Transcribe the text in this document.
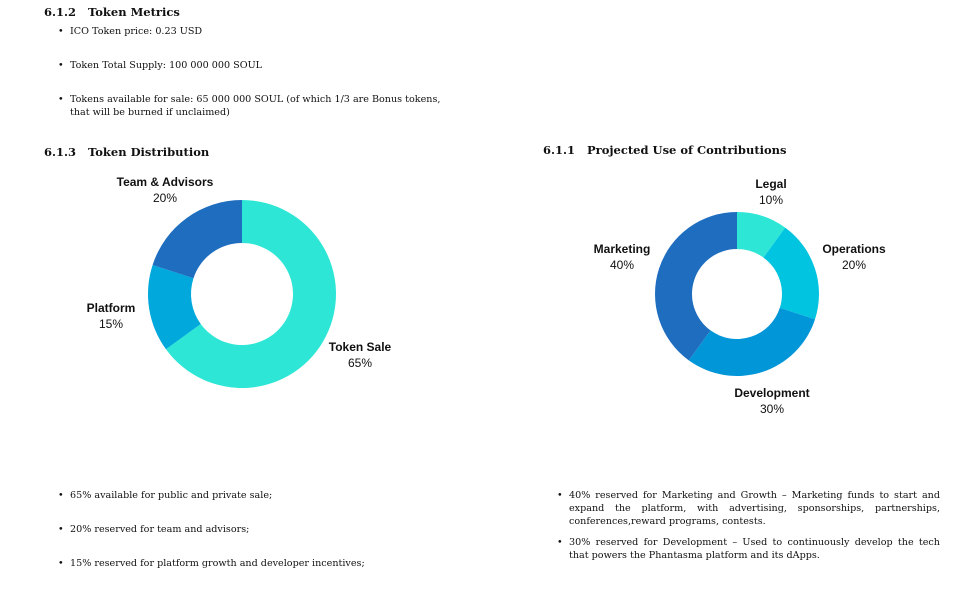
6.1.2 Token Metrics
• ICO Token price: 0.23 USD
• Token Total Supply: 100 000 000 SOUL
• Tokens available for sale: 65 000 000 SOUL (of which 1/3 are Bonus tokens, that will be burned if unclaimed)
6.1.3 Token Distribution	6.1.1 Projected Use of Contributions
Token Sale
65%
Platform
15%
Team & Advisors
20%
Legal
10%
Operations
20%
Development
30%
Marketing
40%
• 65% available for public and private sale;
• 20% reserved for team and advisors;
• 15% reserved for platform growth and developer incentives;
• 40% reserved for Marketing and Growth – Marketing funds to start and expand the platform, with advertising, sponsorships, partnerships, conferences,reward programs, contests.
• 30% reserved for Development – Used to continuously develop the tech that powers the Phantasma platform and its dApps.
